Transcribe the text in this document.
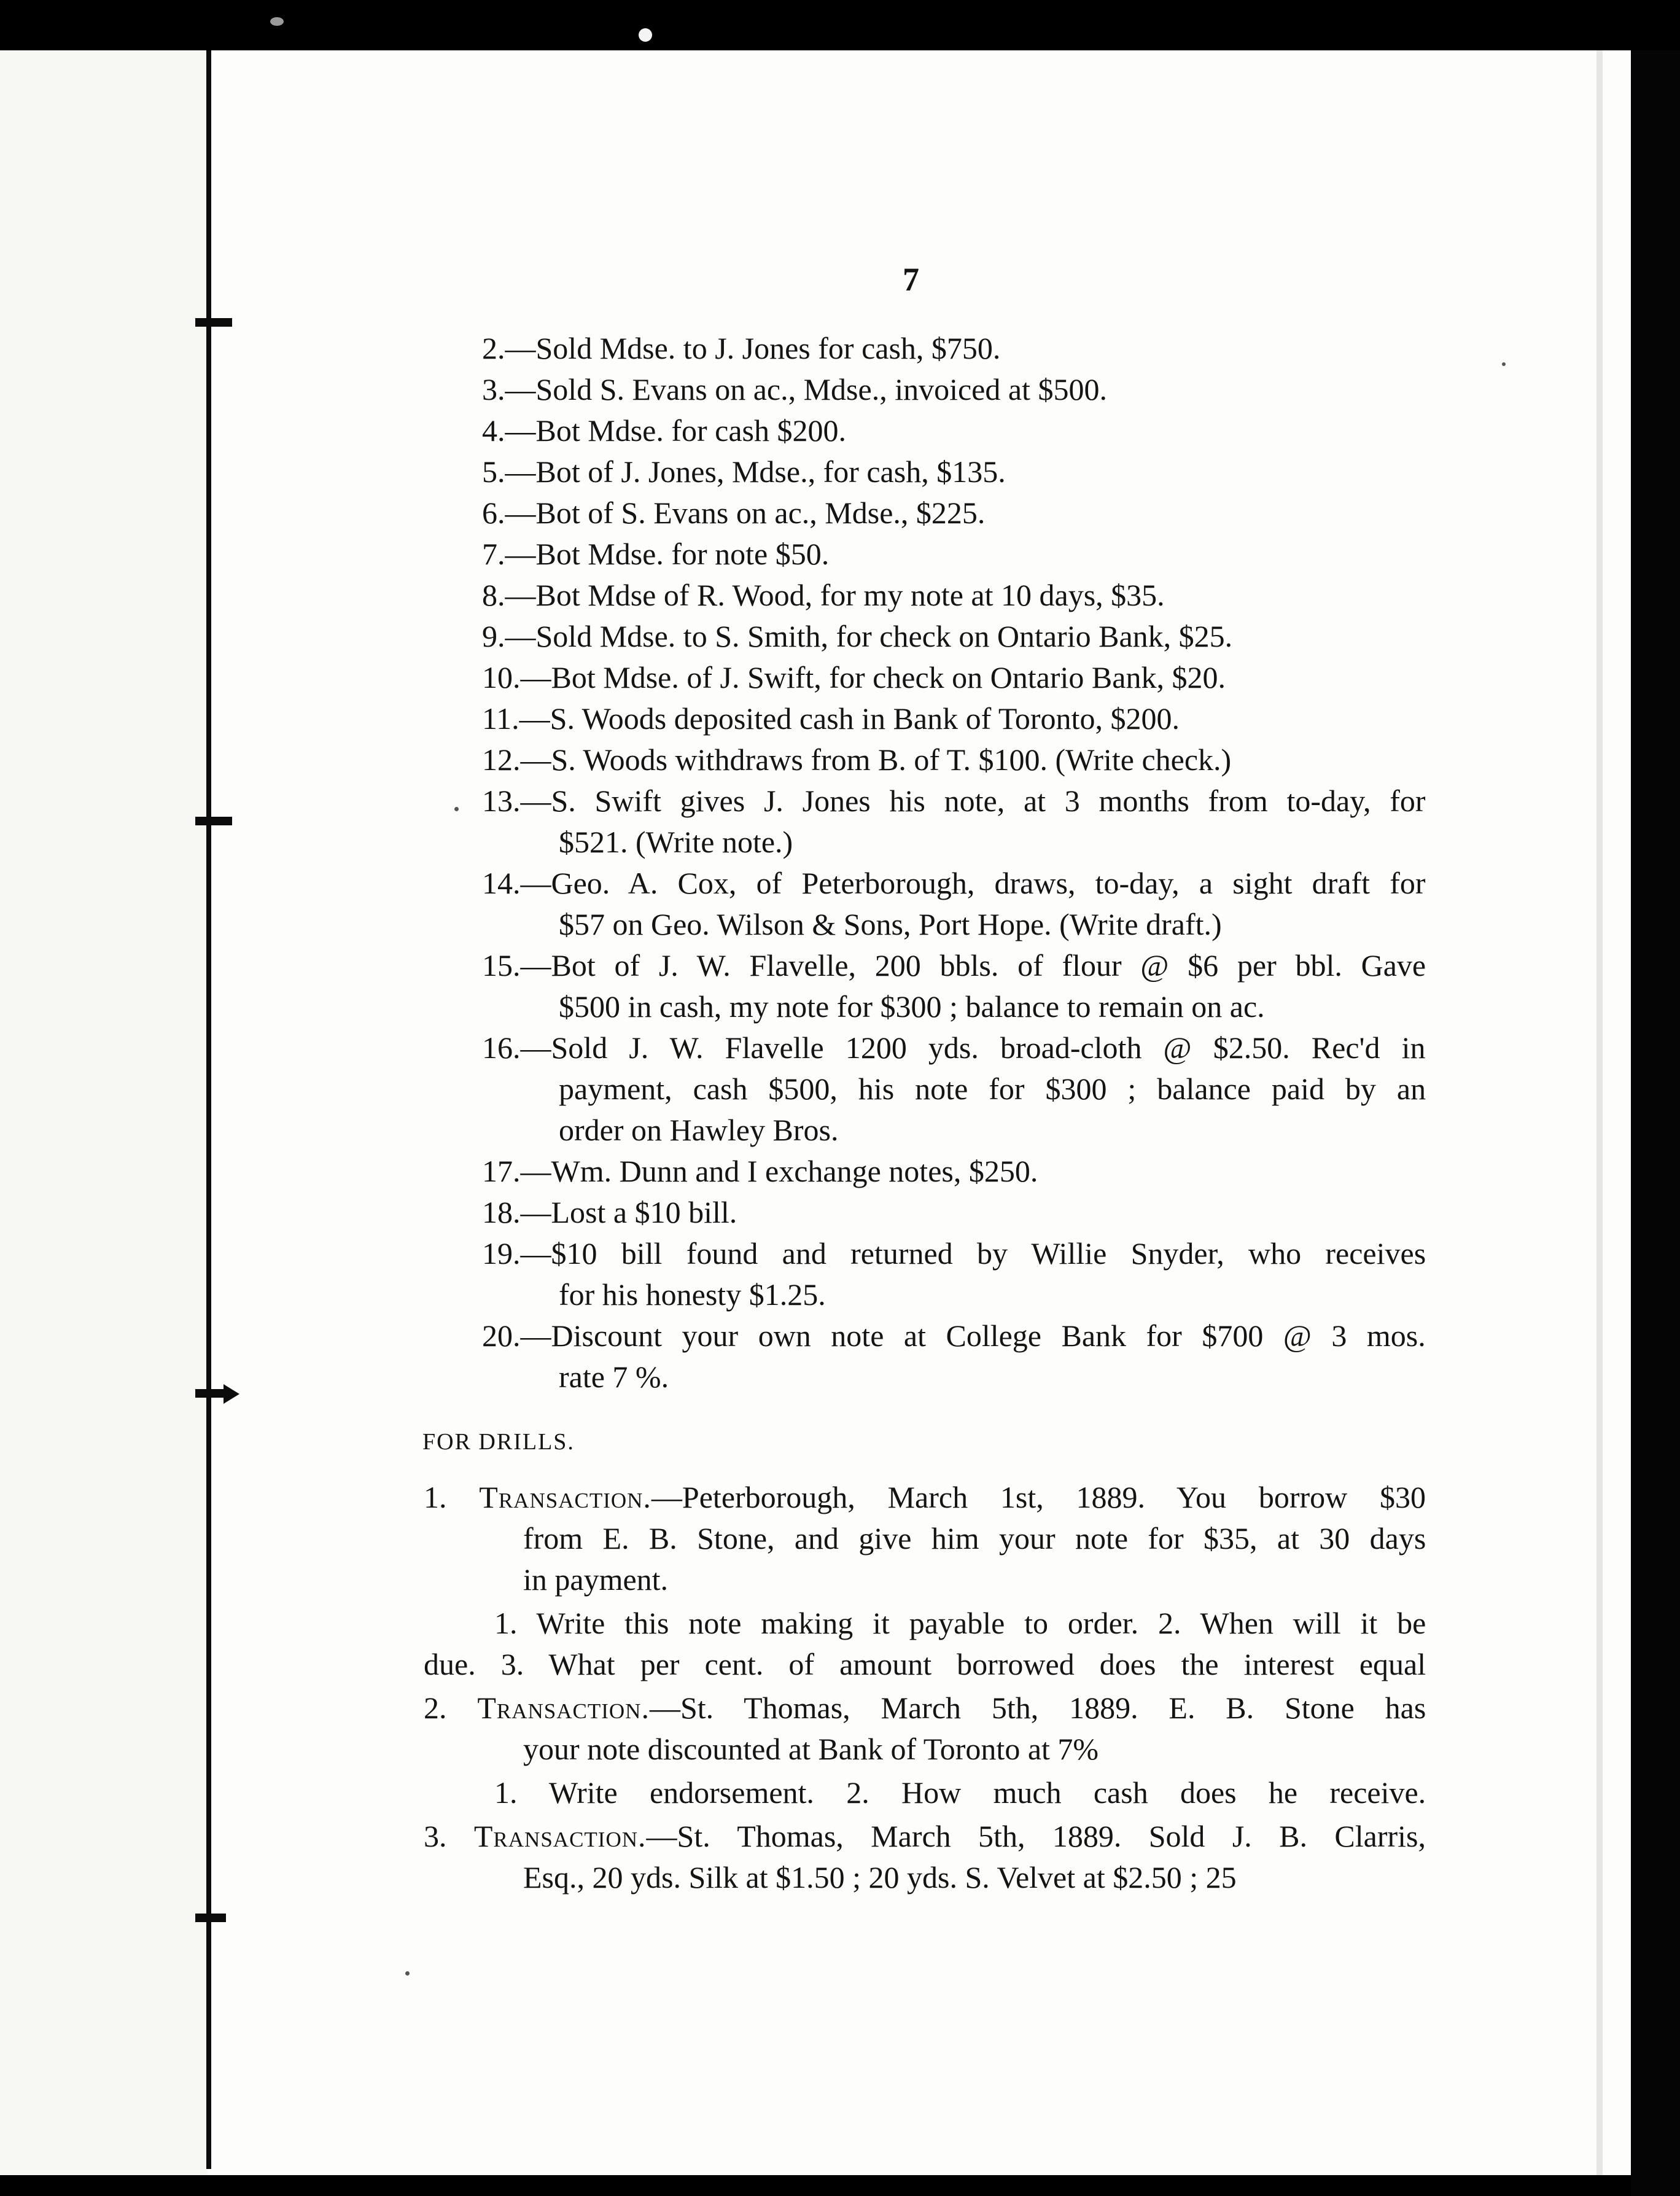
7
2.—Sold Mdse. to J. Jones for cash, $750.
3.—Sold S. Evans on ac., Mdse., invoiced at $500.
4.—Bot Mdse. for cash $200.
5.—Bot of J. Jones, Mdse., for cash, $135.
6.—Bot of S. Evans on ac., Mdse., $225.
7.—Bot Mdse. for note $50.
8.—Bot Mdse of R. Wood, for my note at 10 days, $35.
9.—Sold Mdse. to S. Smith, for check on Ontario Bank, $25.
10.—Bot Mdse. of J. Swift, for check on Ontario Bank, $20.
11.—S. Woods deposited cash in Bank of Toronto, $200.
12.—S. Woods withdraws from B. of T. $100. (Write check.)
13.—S. Swift gives J. Jones his note, at 3 months from to-day, for
$521. (Write note.)
14.—Geo. A. Cox, of Peterborough, draws, to-day, a sight draft for
$57 on Geo. Wilson & Sons, Port Hope. (Write draft.)
15.—Bot of J. W. Flavelle, 200 bbls. of flour @ $6 per bbl. Gave
$500 in cash, my note for $300 ; balance to remain on ac.
16.—Sold J. W. Flavelle 1200 yds. broad-cloth @ $2.50. Rec'd in
payment, cash $500, his note for $300 ; balance paid by an
order on Hawley Bros.
17.—Wm. Dunn and I exchange notes, $250.
18.—Lost a $10 bill.
19.—$10 bill found and returned by Willie Snyder, who receives
for his honesty $1.25.
20.—Discount your own note at College Bank for $700 @ 3 mos.
rate 7 %.
FOR DRILLS.
1. Transaction.—Peterborough, March 1st, 1889. You borrow $30
from E. B. Stone, and give him your note for $35, at 30 days
in payment.
1. Write this note making it payable to order. 2. When will it be
due. 3. What per cent. of amount borrowed does the interest equal
2. Transaction.—St. Thomas, March 5th, 1889. E. B. Stone has
your note discounted at Bank of Toronto at 7%
1. Write endorsement. 2. How much cash does he receive.
3. Transaction.—St. Thomas, March 5th, 1889. Sold J. B. Clarris,
Esq., 20 yds. Silk at $1.50 ; 20 yds. S. Velvet at $2.50 ; 25
